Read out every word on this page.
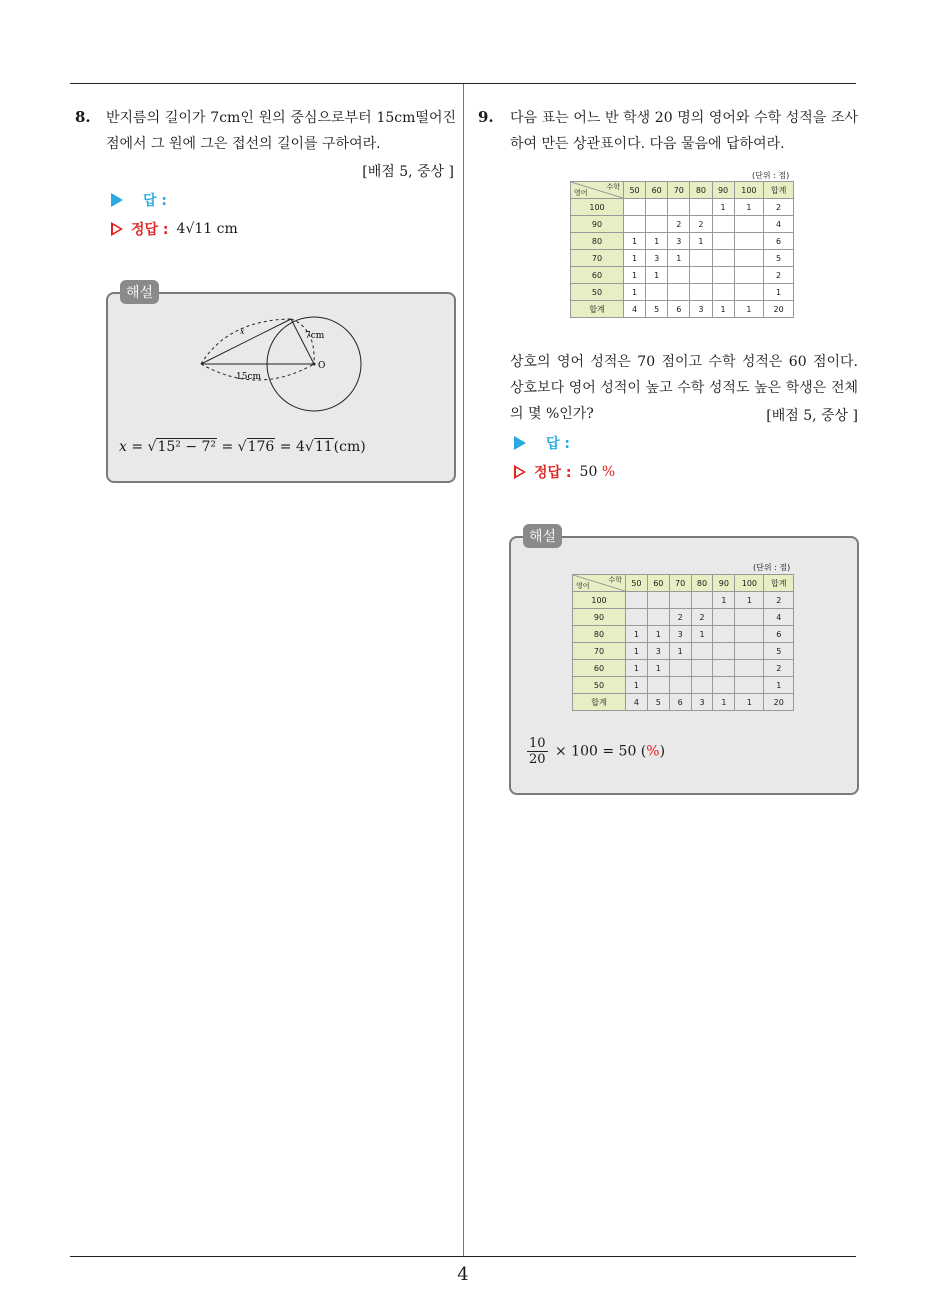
4
8. 반지름의 길이가 7cm인 원의 중심으로부터 15cm떨어진 점에서 그 원에 그은 접선의 길이를 구하여라.
[배점 5, 중상 ]
답 :
정답 : 4√11 cm
해설
x	7cm
15cm
O
x = √15² − 7² = √176 = 4√11(cm)
9. 다음 표는 어느 반 학생 20 명의 영어와 수학 성적을 조사하여 만든 상관표이다. 다음 물음에 답하여라.
(단위 : 점)
수학
영어	50	60	70	80	90	100	합계
100					1	1	2
90			2	2			4
80	1	1	3	1			6
70	1	3	1				5
60	1	1					2
50	1						1
합계	4	5	6	3	1	1	20
상호의 영어 성적은 70 점이고 수학 성적은 60 점이다. 상호보다 영어 성적이 높고 수학 성적도 높은 학생은 전체의 몇 %인가?	[배점 5, 중상 ]
답 :
정답 : 50 %
해설
(단위 : 점)
수학
영어	50	60	70	80	90	100	합계
100					1	1	2
90			2	2			4
80	1	1	3	1			6
70	1	3	1				5
60	1	1					2
50	1						1
합계	4	5	6	3	1	1	20
$\frac{10}{20} \times 100 = 50$ (%)
